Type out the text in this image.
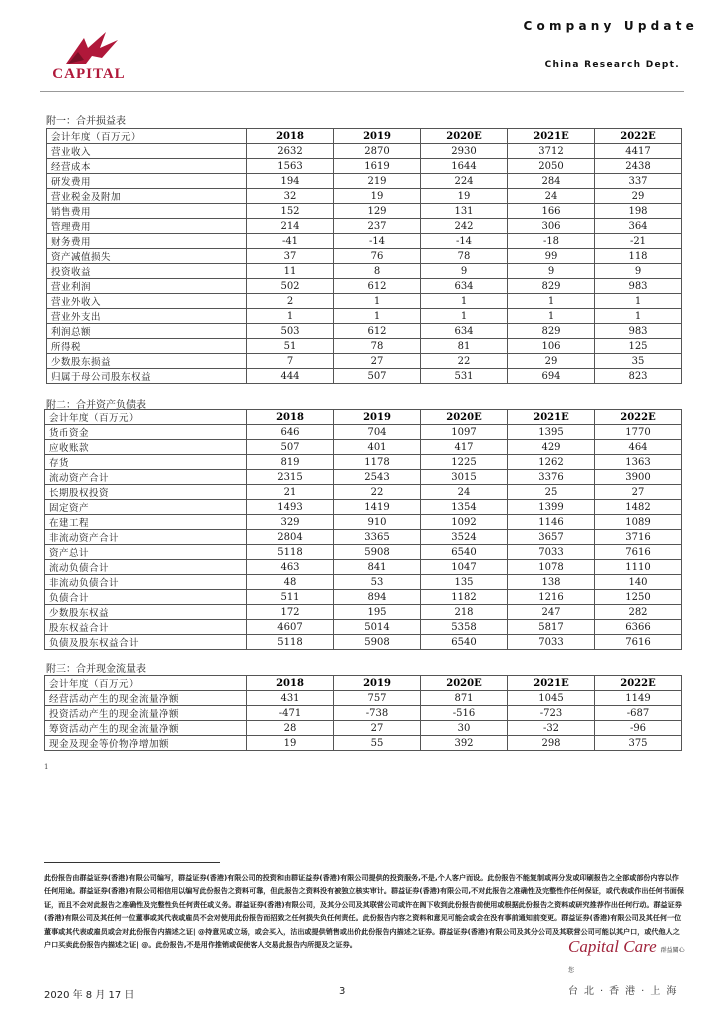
CAPITAL
Company Update
China Research Dept.
附一：合并损益表
会计年度（百万元）	2018	2019	2020E	2021E	2022E
营业收入	2632	2870	2930	3712	4417
经营成本	1563	1619	1644	2050	2438
研发费用	194	219	224	284	337
营业税金及附加	32	19	19	24	29
销售费用	152	129	131	166	198
管理费用	214	237	242	306	364
财务费用	-41	-14	-14	-18	-21
资产减值损失	37	76	78	99	118
投资收益	11	8	9	9	9
营业利润	502	612	634	829	983
营业外收入	2	1	1	1	1
营业外支出	1	1	1	1	1
利润总额	503	612	634	829	983
所得税	51	78	81	106	125
少数股东损益	7	27	22	29	35
归属于母公司股东权益	444	507	531	694	823
附二：合并资产负债表
会计年度（百万元）	2018	2019	2020E	2021E	2022E
货币资金	646	704	1097	1395	1770
应收账款	507	401	417	429	464
存货	819	1178	1225	1262	1363
流动资产合计	2315	2543	3015	3376	3900
长期股权投资	21	22	24	25	27
固定资产	1493	1419	1354	1399	1482
在建工程	329	910	1092	1146	1089
非流动资产合计	2804	3365	3524	3657	3716
资产总计	5118	5908	6540	7033	7616
流动负债合计	463	841	1047	1078	1110
非流动负债合计	48	53	135	138	140
负债合计	511	894	1182	1216	1250
少数股东权益	172	195	218	247	282
股东权益合计	4607	5014	5358	5817	6366
负债及股东权益合计	5118	5908	6540	7033	7616
附三：合并现金流量表
会计年度（百万元）	2018	2019	2020E	2021E	2022E
经营活动产生的现金流量净额	431	757	871	1045	1149
投资活动产生的现金流量净额	-471	-738	-516	-723	-687
筹资活动产生的现金流量净额	28	27	30	-32	-96
现金及现金等价物净增加额	19	55	392	298	375
1
此份报告由群益证券(香港)有限公司编写，群益证券(香港)有限公司的投资和由群证益券(香港)有限公司提供的投资服务,不是,个人客户而设。此份报告不能复制或再分发或印刷报告之全部或部份内容以作任何用途。群益证券(香港)有限公司相信用以编写此份报告之资料可靠，但此报告之资料没有被独立核实审计。群益证券(香港)有限公司,不对此报告之准确性及完整性作任何保证，或代表或作出任何书面保证，而且不会对此报告之准确性及完整性负任何责任或义务。群益证券(香港)有限公司，及其分公司及其联营公司或许在阁下收到此份报告前使用或根据此份报告之资料或研究推荐作出任何行动。群益证券(香港)有限公司及其任何一位董事或其代表或雇员不会对使用此份报告而招致之任何损失负任何责任。此份报告内容之资料和意见可能会或会在没有事前通知前变更。群益证券(香港)有限公司及其任何一位董事或其代表或雇员或会对此份报告内描述之证| @持意见或立场，或会买入，沽出或提供销售或出价此份报告内描述之证券。群益证券(香港)有限公司及其分公司及其联营公司可能以其户口，或代他人之户口买卖此份报告内描述之证| @。此份报告,不是用作推销或促使客人交易此报告内所提及之证券。	Capital Care 群益關心您
台北·香港·上海
2020 年 8 月 17 日	3
